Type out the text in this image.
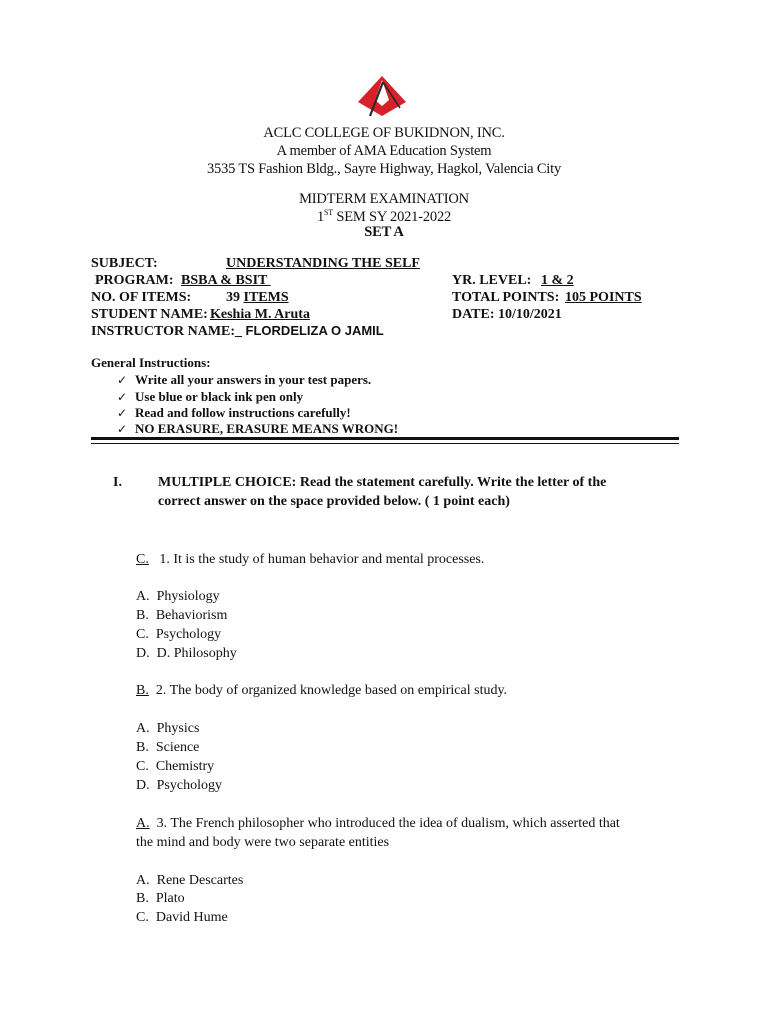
ACLC COLLEGE OF BUKIDNON, INC.
A member of AMA Education System
3535 TS Fashion Bldg., Sayre Highway, Hagkol, Valencia City
MIDTERM EXAMINATION
1ST SEM SY 2021-2022
SET A
SUBJECT:	UNDERSTANDING THE SELF
PROGRAM: BSBA & BSIT
NO. OF ITEMS: 39 ITEMS
STUDENT NAME: Keshia M. Aruta
INSTRUCTOR NAME:_ FLORDELIZA O JAMIL
YR. LEVEL: 1 & 2
TOTAL POINTS: 105 POINTS
DATE: 10/10/2021
General Instructions:
✓ Write all your answers in your test papers.
✓ Use blue or black ink pen only
✓ Read and follow instructions carefully!
✓ NO ERASURE, ERASURE MEANS WRONG!
I.	MULTIPLE CHOICE: Read the statement carefully. Write the letter of the
correct answer on the space provided below. ( 1 point each)
C. 1. It is the study of human behavior and mental processes.
A. Physiology
B. Behaviorism
C. Psychology
D. D. Philosophy
B. 2. The body of organized knowledge based on empirical study.
A. Physics
B. Science
C. Chemistry
D. Psychology
A. 3. The French philosopher who introduced the idea of dualism, which asserted that
the mind and body were two separate entities
A. Rene Descartes
B. Plato
C. David Hume
